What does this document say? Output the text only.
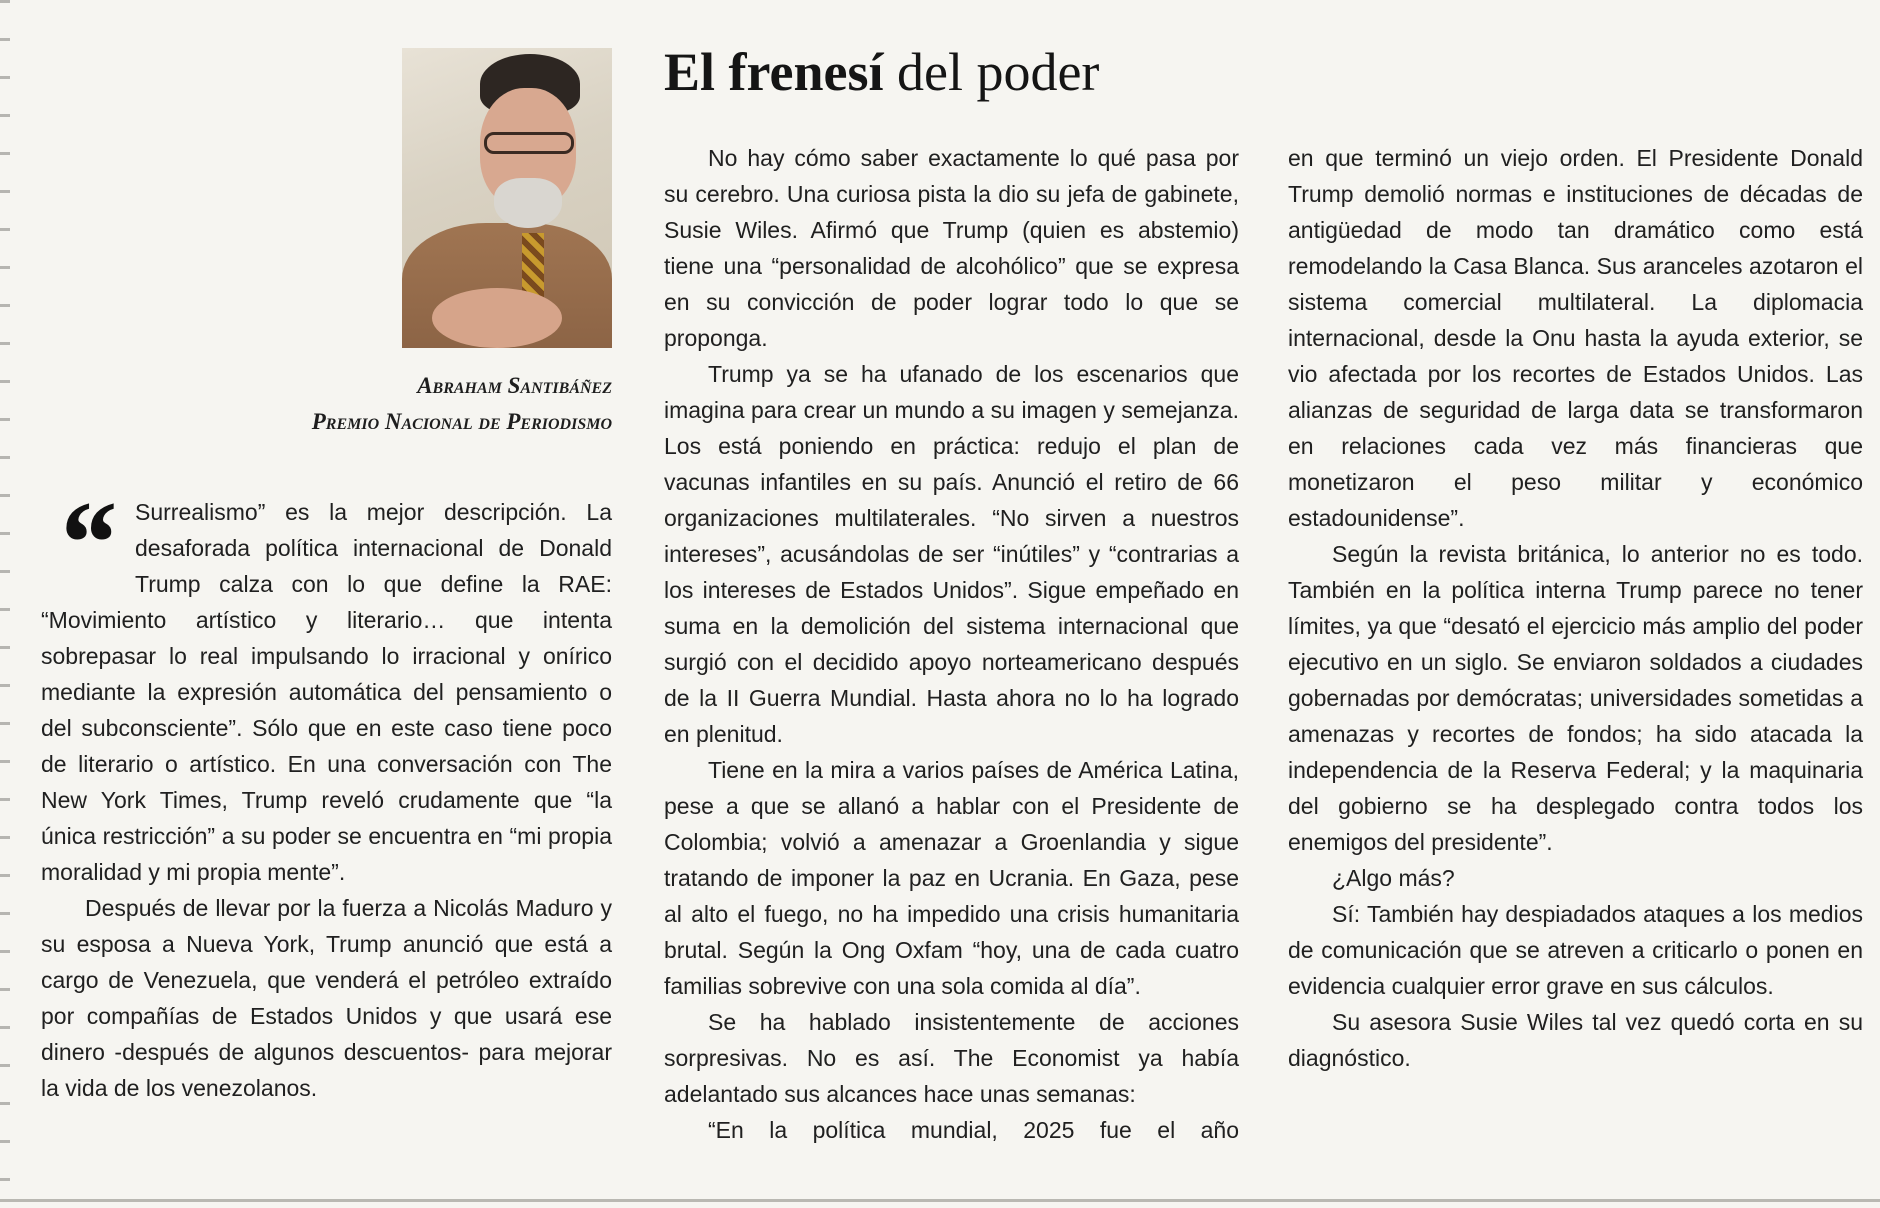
Abraham Santibáñez
Premio Nacional de Periodismo
El frenesí del poder
“	Surrealismo” es la mejor descripción. La desaforada política internacional de Donald Trump calza con lo que define la RAE: “Movimiento artístico y literario… que intenta sobrepasar lo real impulsando lo irracional y onírico mediante la expresión automática del pensamiento o del subconsciente”. Sólo que en este caso tiene poco de literario o artístico. En una conversación con The New York Times, Trump reveló crudamente que “la única restricción” a su poder se encuentra en “mi propia moralidad y mi propia mente”.

Después de llevar por la fuerza a Nicolás Maduro y su esposa a Nueva York, Trump anunció que está a cargo de Venezuela, que venderá el petróleo extraído por compañías de Estados Unidos y que usará ese dinero -después de algunos descuentos- para mejorar la vida de los venezolanos.

No hay cómo saber exactamente lo qué pasa por su cerebro. Una curiosa pista la dio su jefa de gabinete, Susie Wiles. Afirmó que Trump (quien es abstemio) tiene una “personalidad de alcohólico” que se expresa en su convicción de poder lograr todo lo que se proponga.

Trump ya se ha ufanado de los escenarios que imagina para crear un mundo a su imagen y semejanza. Los está poniendo en práctica: redujo el plan de vacunas infantiles en su país. Anunció el retiro de 66 organizaciones multilaterales. “No sirven a nuestros intereses”, acusándolas de ser “inútiles” y “contrarias a los intereses de Estados Unidos”. Sigue empeñado en suma en la demolición del sistema internacional que surgió con el decidido apoyo norteamericano después de la II Guerra Mundial. Hasta ahora no lo ha logrado en plenitud.

Tiene en la mira a varios países de América Latina, pese a que se allanó a hablar con el Presidente de Colombia; volvió a amenazar a Groenlandia y sigue tratando de imponer la paz en Ucrania. En Gaza, pese al alto el fuego, no ha impedido una crisis humanitaria brutal. Según la Ong Oxfam “hoy, una de cada cuatro familias sobrevive con una sola comida al día”.

Se ha hablado insistentemente de acciones sorpresivas. No es así. The Economist ya había adelantado sus alcances hace unas semanas:

“En la política mundial, 2025 fue el año

en que terminó un viejo orden. El Presidente Donald Trump demolió normas e instituciones de décadas de antigüedad de modo tan dramático como está remodelando la Casa Blanca. Sus aranceles azotaron el sistema comercial multilateral. La diplomacia internacional, desde la Onu hasta la ayuda exterior, se vio afectada por los recortes de Estados Unidos. Las alianzas de seguridad de larga data se transformaron en relaciones cada vez más financieras que monetizaron el peso militar y económico estadounidense”.

Según la revista británica, lo anterior no es todo. También en la política interna Trump parece no tener límites, ya que “desató el ejercicio más amplio del poder ejecutivo en un siglo. Se enviaron soldados a ciudades gobernadas por demócratas; universidades sometidas a amenazas y recortes de fondos; ha sido atacada la independencia de la Reserva Federal; y la maquinaria del gobierno se ha desplegado contra todos los enemigos del presidente”.

¿Algo más?

Sí: También hay despiadados ataques a los medios de comunicación que se atreven a criticarlo o ponen en evidencia cualquier error grave en sus cálculos.

Su asesora Susie Wiles tal vez quedó corta en su diagnóstico.
